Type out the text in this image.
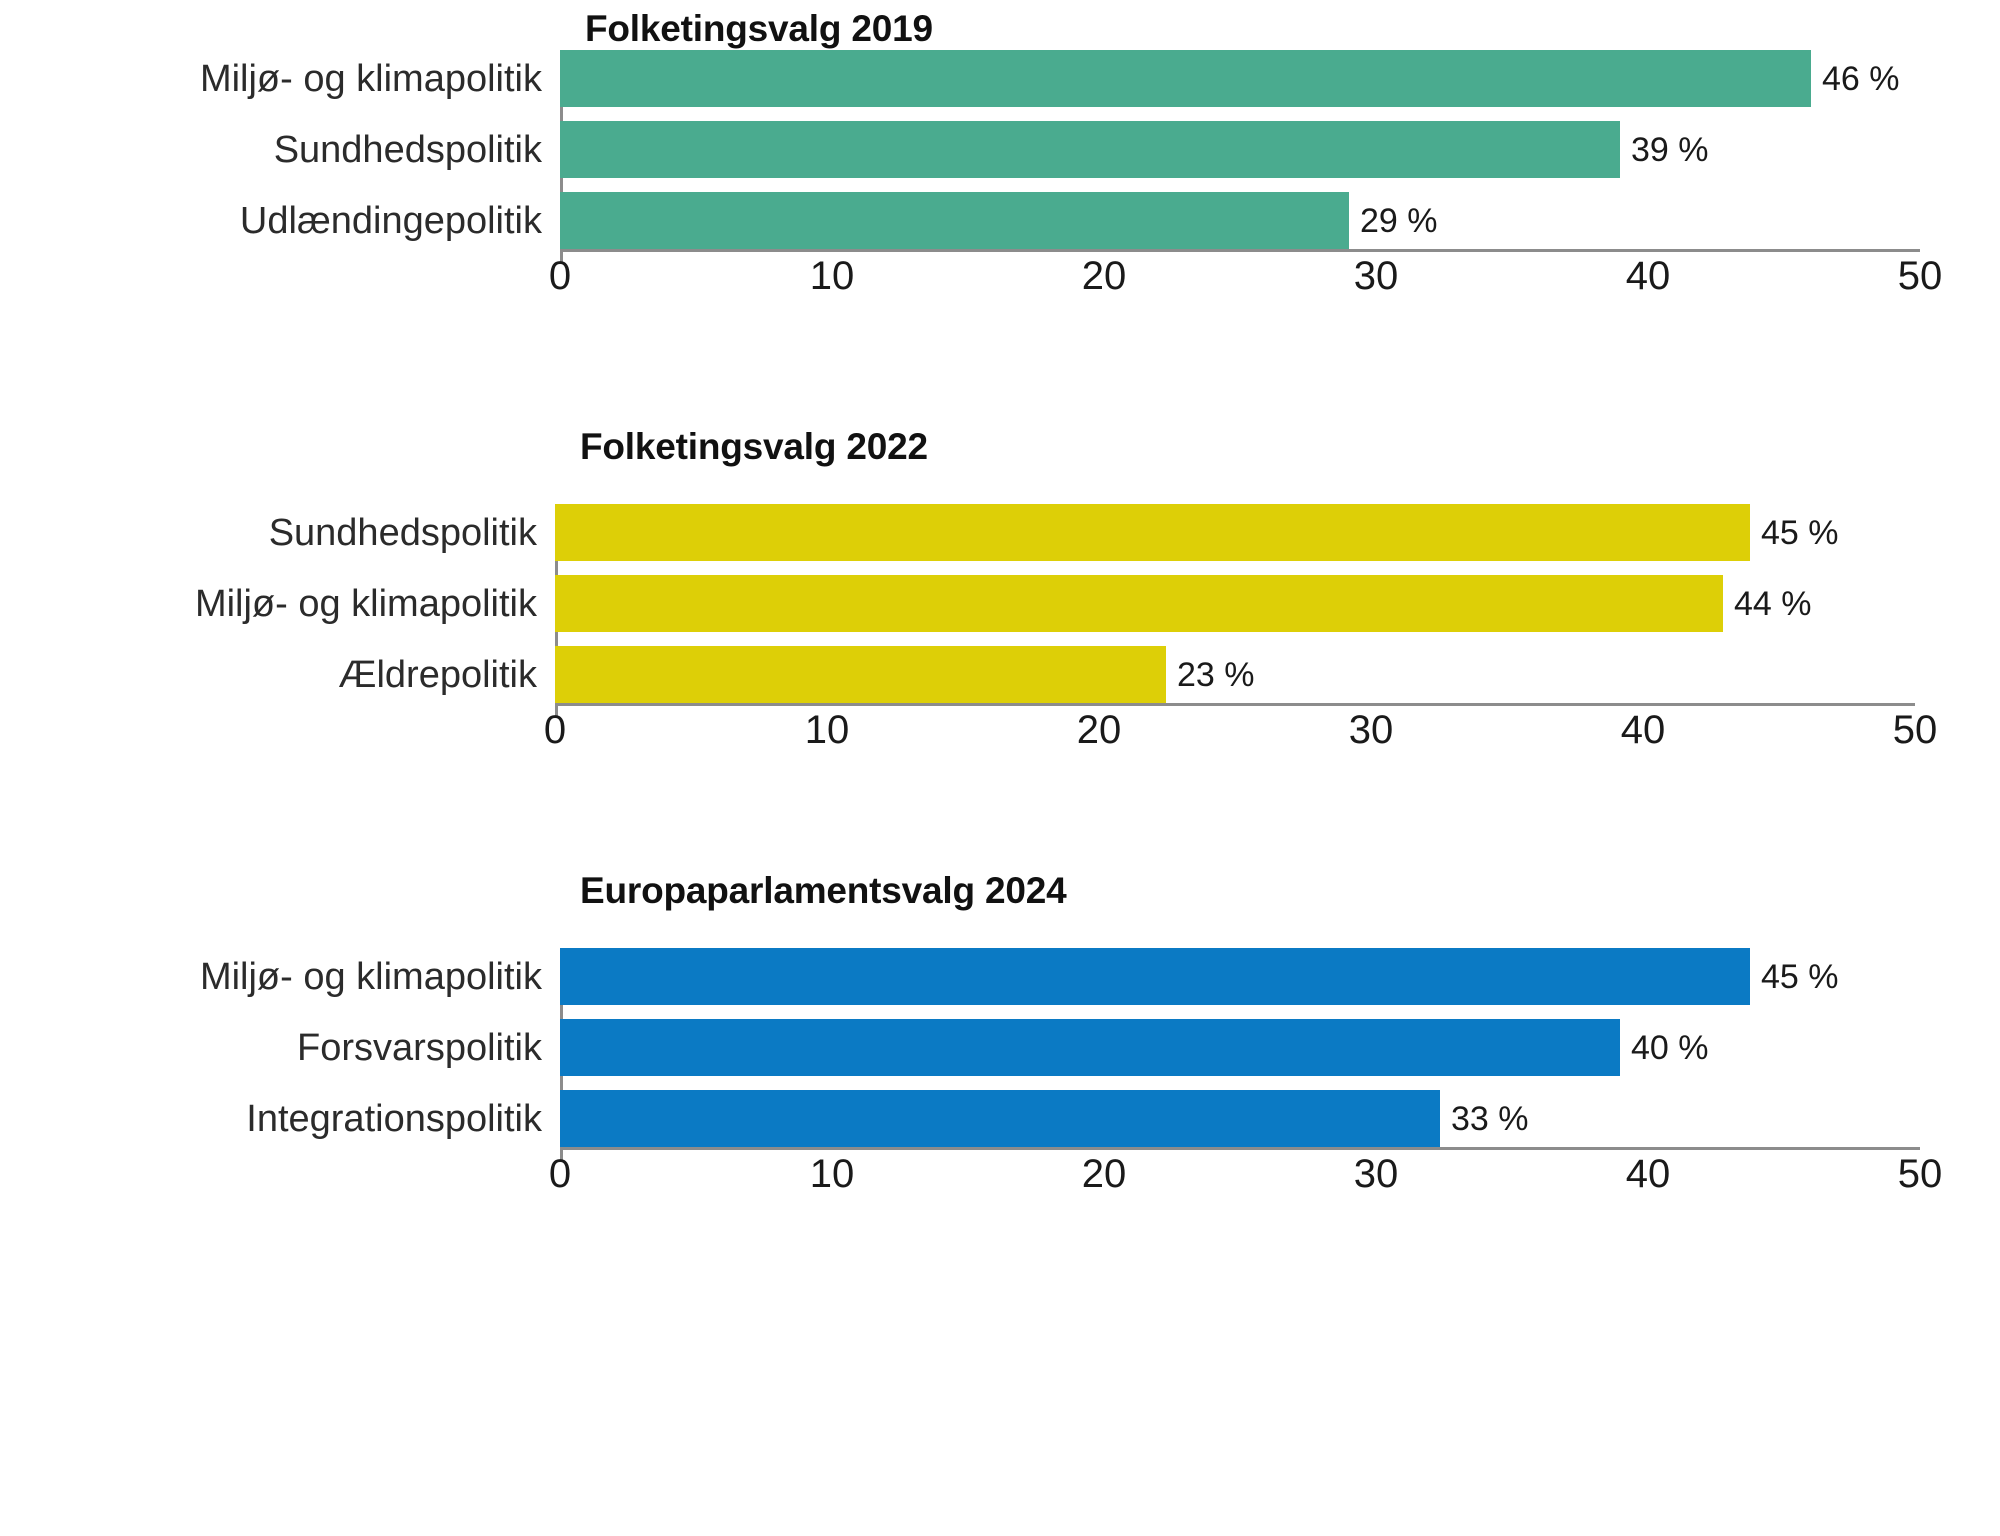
Folketingsvalg 2019
Miljø- og klimapolitik	46 %
Sundhedspolitik	39 %
Udlændingepolitik	29 %
0	10	20	30	40	50
Folketingsvalg 2022
Sundhedspolitik	45 %
Miljø- og klimapolitik	44 %
Ældrepolitik	23 %
0	10	20	30	40	50
Europaparlamentsvalg 2024
Miljø- og klimapolitik	45 %
Forsvarspolitik	40 %
Integrationspolitik	33 %
0	10	20	30	40	50
